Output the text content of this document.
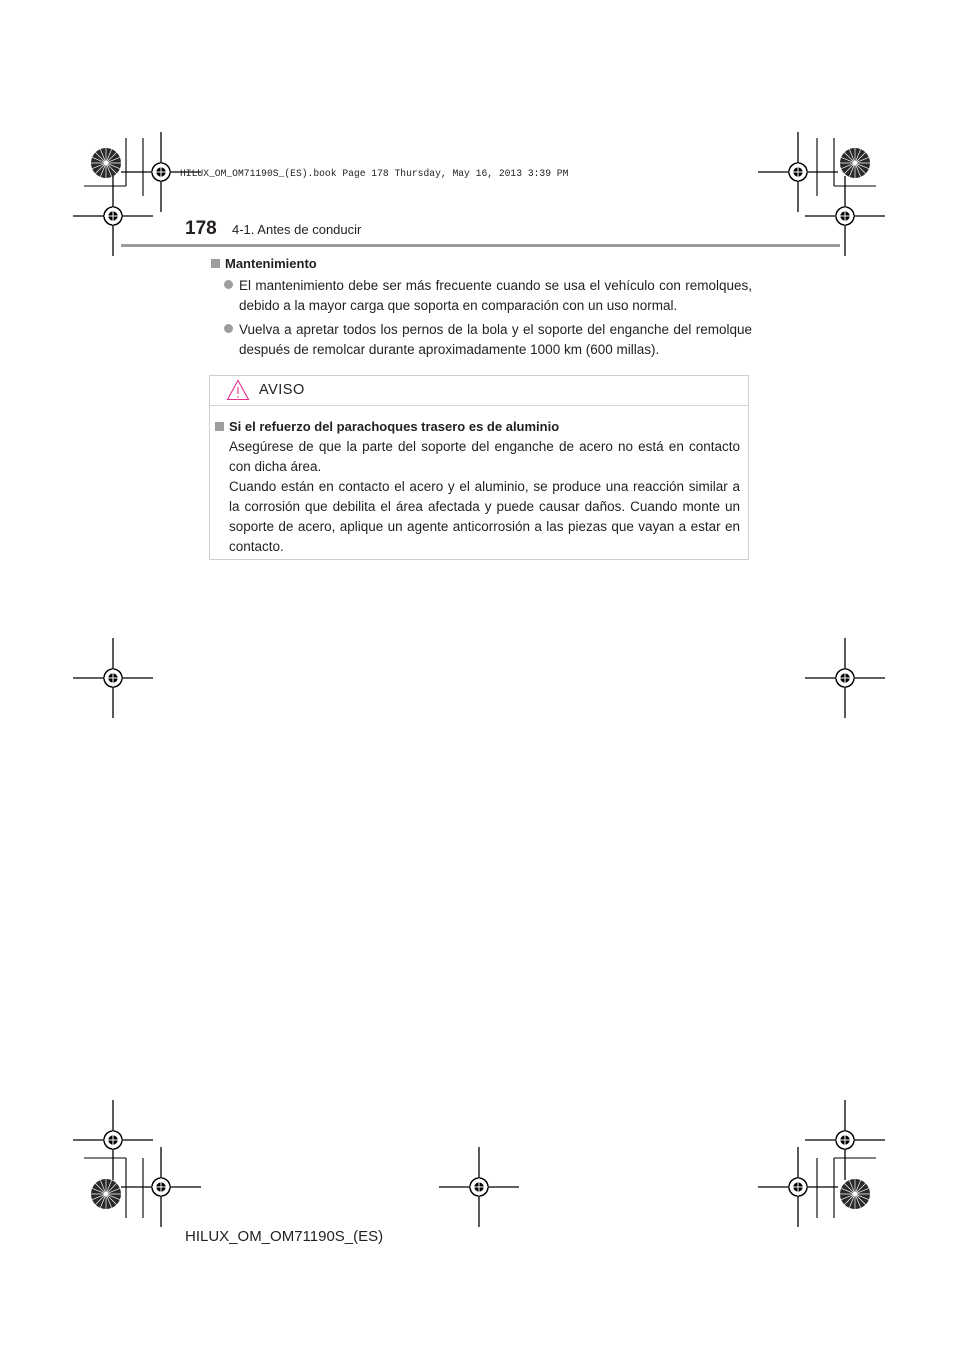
HILUX_OM_OM71190S_(ES).book Page 178 Thursday, May 16, 2013 3:39 PM
178 4-1. Antes de conducir
Mantenimiento
El mantenimiento debe ser más frecuente cuando se usa el vehículo con remolques, debido a la mayor carga que soporta en comparación con un uso normal.
Vuelva a apretar todos los pernos de la bola y el soporte del enganche del remolque después de remolcar durante aproximadamente 1000 km (600 millas).
AVISO
Si el refuerzo del parachoques trasero es de aluminio

Asegúrese de que la parte del soporte del enganche de acero no está en contacto con dicha área.

Cuando están en contacto el acero y el aluminio, se produce una reacción similar a la corrosión que debilita el área afectada y puede causar daños. Cuando monte un soporte de acero, aplique un agente anticorrosión a las piezas que vayan a estar en contacto.

HILUX_OM_OM71190S_(ES)
